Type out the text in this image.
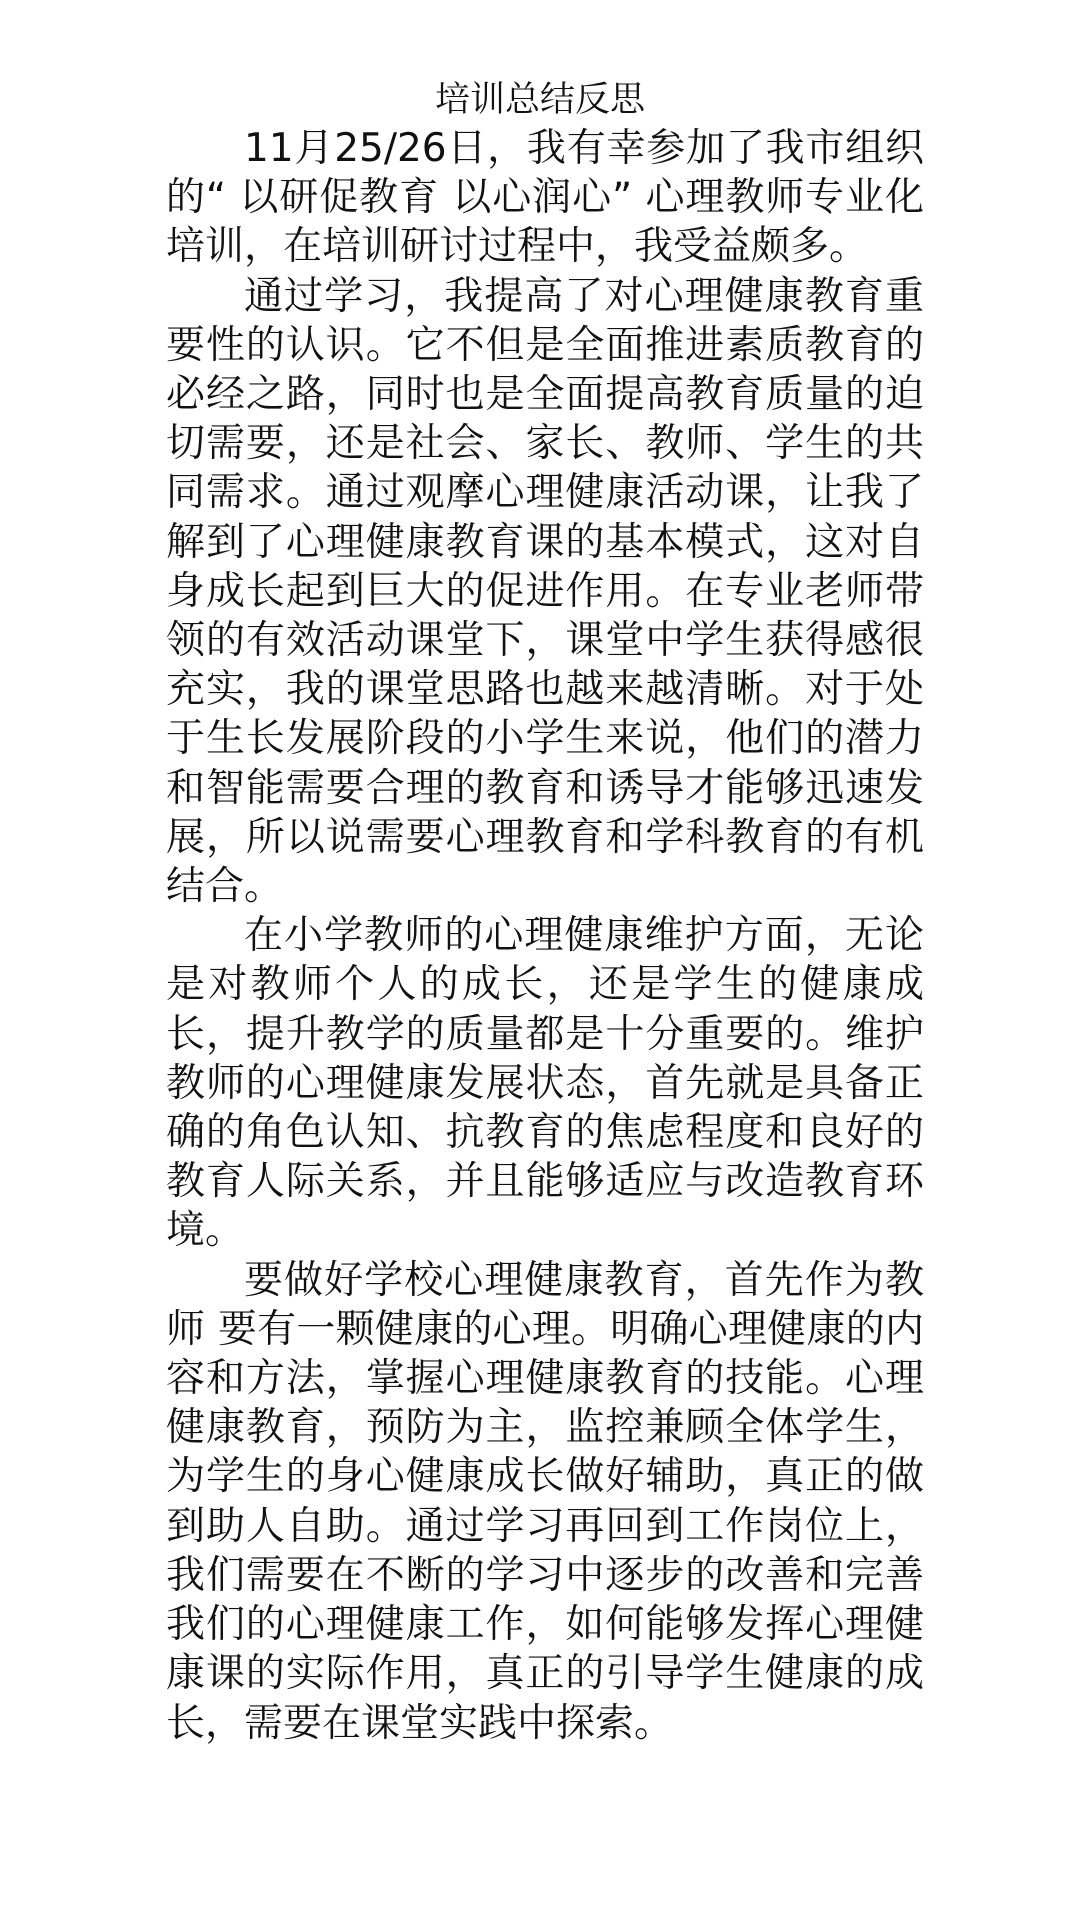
培训总结反思

11月25/26日，我有幸参加了我市组织的“ 以研促教育 以心润心” 心理教师专业化培训，在培训研讨过程中，我受益颇多。

通过学习，我提高了对心理健康教育重要性的认识。它不但是全面推进素质教育的必经之路，同时也是全面提高教育质量的迫切需要，还是社会、家长、教师、学生的共同需求。通过观摩心理健康活动课，让我了解到了心理健康教育课的基本模式，这对自身成长起到巨大的促进作用。在专业老师带领的有效活动课堂下，课堂中学生获得感很充实，我的课堂思路也越来越清晰。对于处于生长发展阶段的小学生来说，他们的潜力和智能需要合理的教育和诱导才能够迅速发展，所以说需要心理教育和学科教育的有机结合。

在小学教师的心理健康维护方面，无论是对教师个人的成长，还是学生的健康成长，提升教学的质量都是十分重要的。维护教师的心理健康发展状态，首先就是具备正确的角色认知、抗教育的焦虑程度和良好的教育人际关系，并且能够适应与改造教育环境。

要做好学校心理健康教育，首先作为教师 要有一颗健康的心理。明确心理健康的内容和方法，掌握心理健康教育的技能。心理健康教育，预防为主，监控兼顾全体学生，为学生的身心健康成长做好辅助，真正的做到助人自助。通过学习再回到工作岗位上，我们需要在不断的学习中逐步的改善和完善我们的心理健康工作，如何能够发挥心理健康课的实际作用，真正的引导学生健康的成长，需要在课堂实践中探索。
